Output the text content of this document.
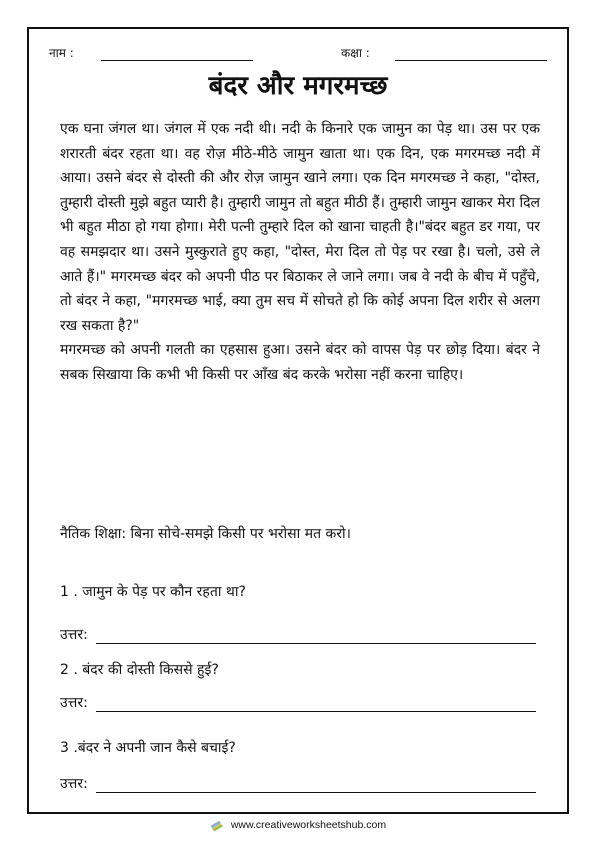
नाम :	कक्षा :
बंदर और मगरमच्छ

एक घना जंगल था। जंगल में एक नदी थी। नदी के किनारे एक जामुन का पेड़ था। उस पर एक शरारती बंदर रहता था। वह रोज़ मीठे-मीठे जामुन खाता था। एक दिन, एक मगरमच्छ नदी में आया। उसने बंदर से दोस्ती की और रोज़ जामुन खाने लगा। एक दिन मगरमच्छ ने कहा, "दोस्त, तुम्हारी दोस्ती मुझे बहुत प्यारी है। तुम्हारी जामुन तो बहुत मीठी हैं। तुम्हारी जामुन खाकर मेरा दिल भी बहुत मीठा हो गया होगा। मेरी पत्नी तुम्हारे दिल को खाना चाहती है।"बंदर बहुत डर गया, पर वह समझदार था। उसने मुस्कुराते हुए कहा, "दोस्त, मेरा दिल तो पेड़ पर रखा है। चलो, उसे ले आते हैं।" मगरमच्छ बंदर को अपनी पीठ पर बिठाकर ले जाने लगा। जब वे नदी के बीच में पहुँचे, तो बंदर ने कहा, "मगरमच्छ भाई, क्या तुम सच में सोचते हो कि कोई अपना दिल शरीर से अलग रख सकता है?"

मगरमच्छ को अपनी गलती का एहसास हुआ। उसने बंदर को वापस पेड़ पर छोड़ दिया। बंदर ने सबक सिखाया कि कभी भी किसी पर आँख बंद करके भरोसा नहीं करना चाहिए।

नैतिक शिक्षा: बिना सोचे-समझे किसी पर भरोसा मत करो।
1 . जामुन के पेड़ पर कौन रहता था?
उत्तर:
2 . बंदर की दोस्ती किससे हुई?
उत्तर:
3 .बंदर ने अपनी जान कैसे बचाई?
उत्तर:
www.creativeworksheetshub.com
